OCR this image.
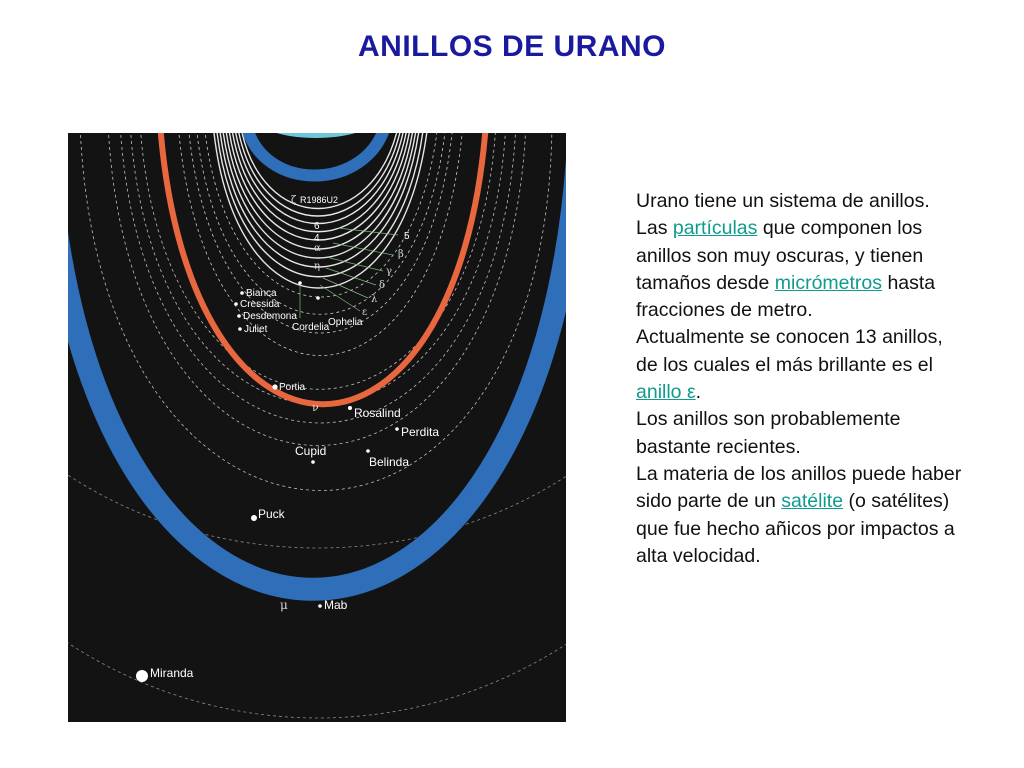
ANILLOS DE URANO
ζ R1986U2
6
4	5
α
β
η	γ
δ
λ
ε
ν
μ
Bianca
Cressida
Desdemona
Juliet Cordelia
Ophelia
Portia
Rosalind
Perdita
Cupid
Belinda
Puck
Mab
Miranda

Urano tiene un sistema de anillos. Las partículas que componen los anillos son muy oscuras, y tienen tamaños desde micrómetros hasta fracciones de metro.

Actualmente se conocen 13 anillos, de los cuales el más brillante es el anillo ε.

Los anillos son probablemente bastante recientes.

La materia de los anillos puede haber sido parte de un satélite (o satélites) que fue hecho añicos por impactos a alta velocidad.
